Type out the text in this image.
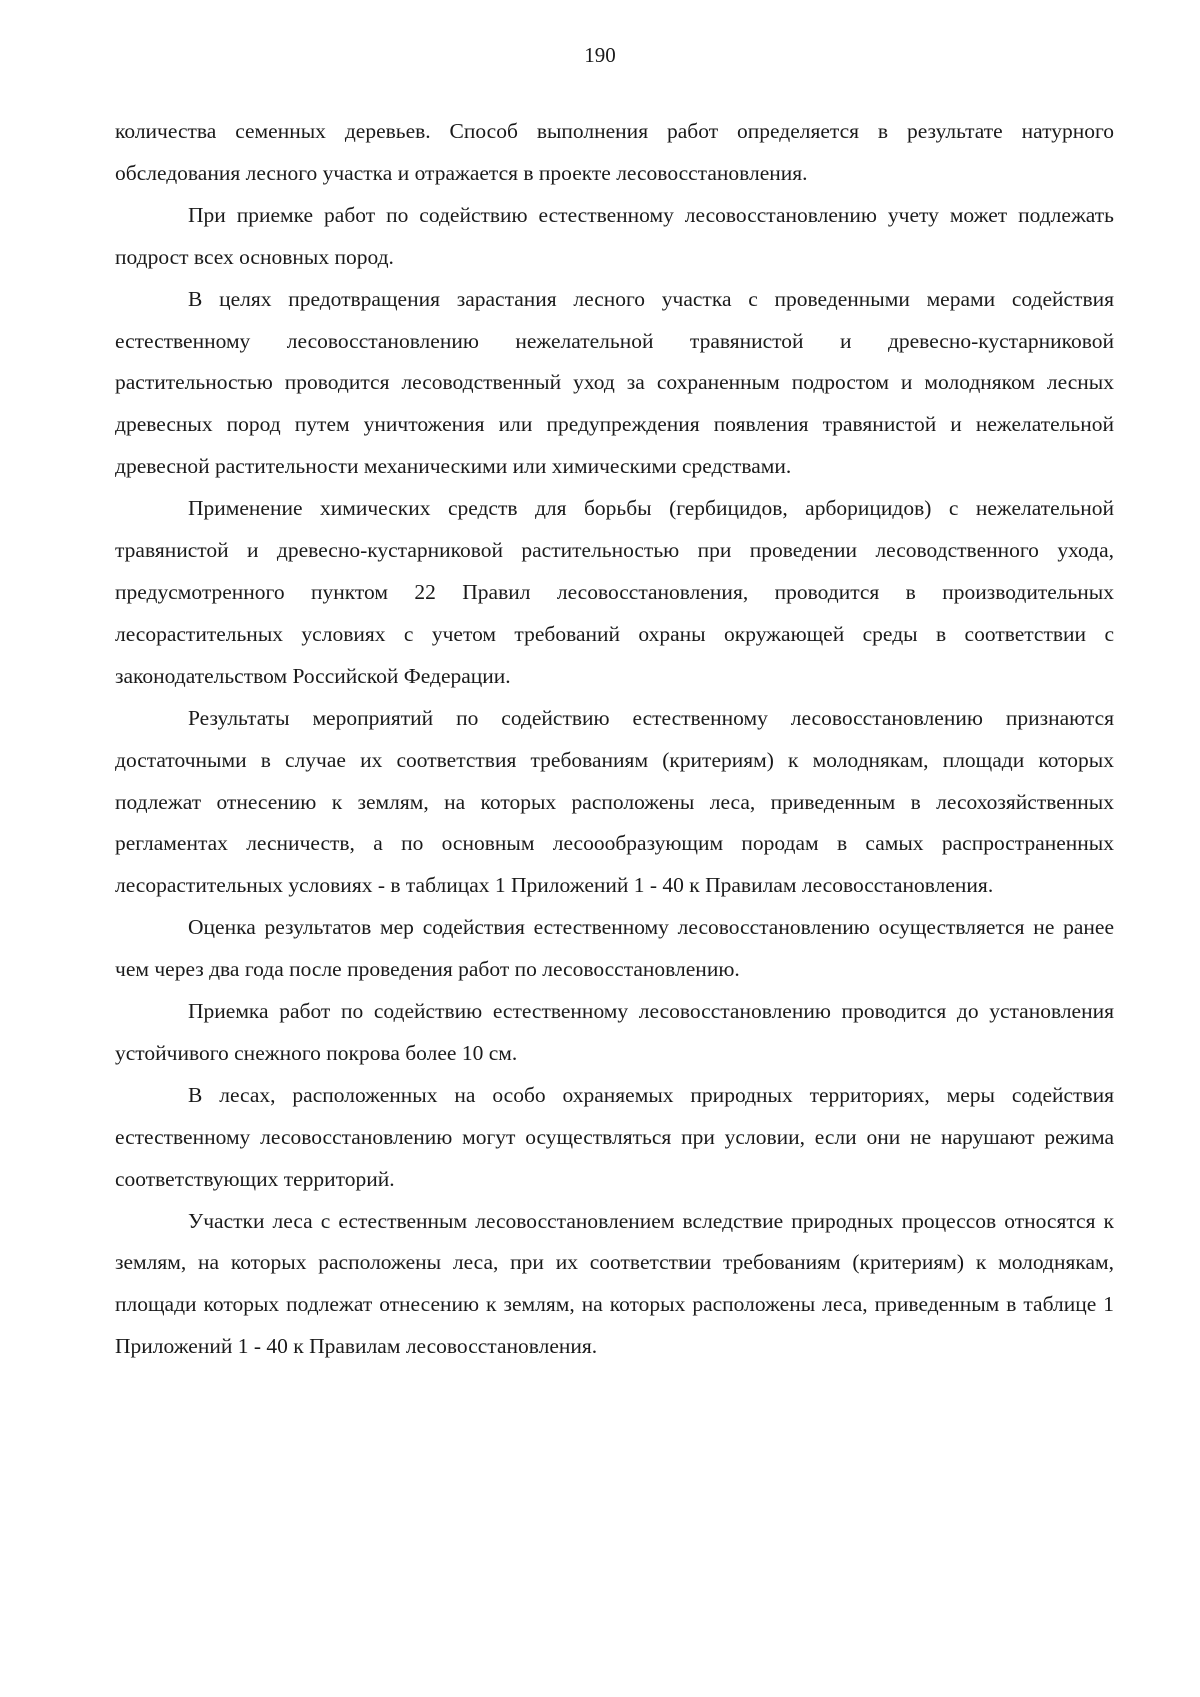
190

количества семенных деревьев. Способ выполнения работ определяется в результате натурного обследования лесного участка и отражается в проекте лесовосстановления.

При приемке работ по содействию естественному лесовосстановлению учету может подлежать подрост всех основных пород.

В целях предотвращения зарастания лесного участка с проведенными мерами содействия естественному лесовосстановлению нежелательной травянистой и древесно-кустарниковой растительностью проводится лесоводственный уход за сохраненным подростом и молодняком лесных древесных пород путем уничтожения или предупреждения появления травянистой и нежелательной древесной растительности механическими или химическими средствами.

Применение химических средств для борьбы (гербицидов, арборицидов) с нежелательной травянистой и древесно-кустарниковой растительностью при проведении лесоводственного ухода, предусмотренного пунктом 22 Правил лесовосстановления, проводится в производительных лесорастительных условиях с учетом требований охраны окружающей среды в соответствии с законодательством Российской Федерации.

Результаты мероприятий по содействию естественному лесовосстановлению признаются достаточными в случае их соответствия требованиям (критериям) к молоднякам, площади которых подлежат отнесению к землям, на которых расположены леса, приведенным в лесохозяйственных регламентах лесничеств, а по основным лесоообразующим породам в самых распространенных лесорастительных условиях - в таблицах 1 Приложений 1 - 40 к Правилам лесовосстановления.

Оценка результатов мер содействия естественному лесовосстановлению осуществляется не ранее чем через два года после проведения работ по лесовосстановлению.

Приемка работ по содействию естественному лесовосстановлению проводится до установления устойчивого снежного покрова более 10 см.

В лесах, расположенных на особо охраняемых природных территориях, меры содействия естественному лесовосстановлению могут осуществляться при условии, если они не нарушают режима соответствующих территорий.

Участки леса с естественным лесовосстановлением вследствие природных процессов относятся к землям, на которых расположены леса, при их соответствии требованиям (критериям) к молоднякам, площади которых подлежат отнесению к землям, на которых расположены леса, приведенным в таблице 1 Приложений 1 - 40 к Правилам лесовосстановления.
